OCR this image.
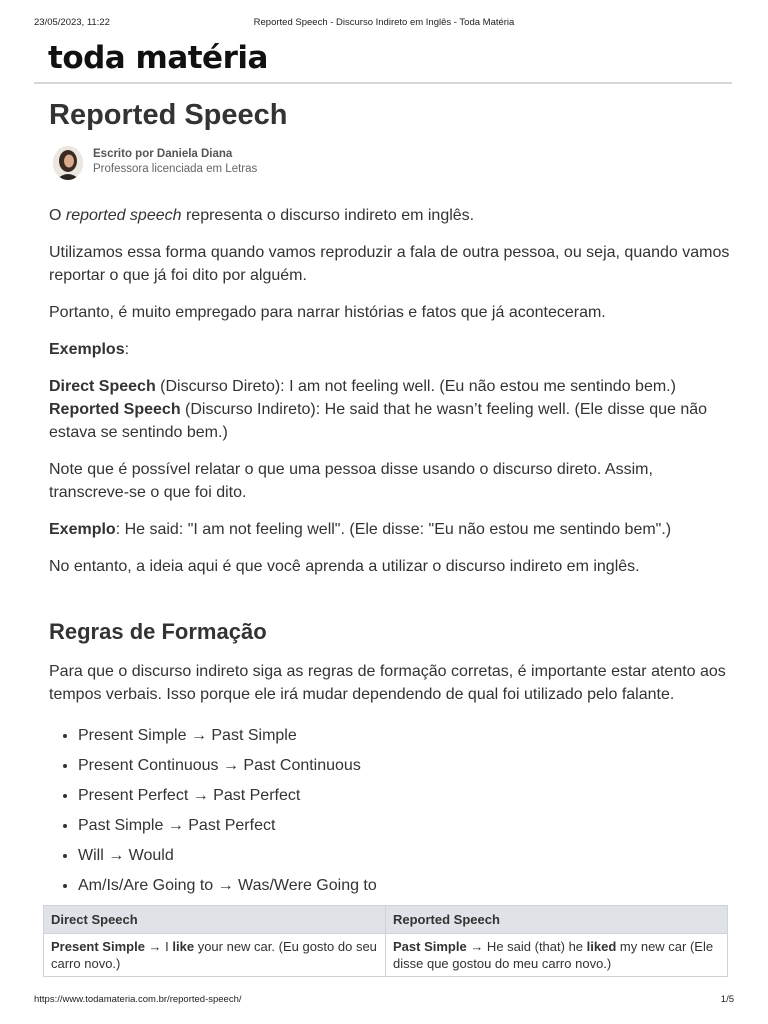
23/05/2023, 11:22	Reported Speech - Discurso Indireto em Inglês - Toda Matéria
toda matéria
Reported Speech
Escrito por Daniela Diana
Professora licenciada em Letras

O reported speech representa o discurso indireto em inglês.

Utilizamos essa forma quando vamos reproduzir a fala de outra pessoa, ou seja, quando vamos reportar o que já foi dito por alguém.

Portanto, é muito empregado para narrar histórias e fatos que já aconteceram.

Exemplos:

Direct Speech (Discurso Direto): I am not feeling well. (Eu não estou me sentindo bem.)
Reported Speech (Discurso Indireto): He said that he wasn’t feeling well. (Ele disse que não estava se sentindo bem.)

Note que é possível relatar o que uma pessoa disse usando o discurso direto. Assim, transcreve-se o que foi dito.

Exemplo: He said: "I am not feeling well". (Ele disse: "Eu não estou me sentindo bem".)

No entanto, a ideia aqui é que você aprenda a utilizar o discurso indireto em inglês.

Regras de Formação

Para que o discurso indireto siga as regras de formação corretas, é importante estar atento aos tempos verbais. Isso porque ele irá mudar dependendo de qual foi utilizado pelo falante.

• Present Simple → Past Simple
• Present Continuous → Past Continuous
• Present Perfect → Past Perfect
• Past Simple → Past Perfect
• Will → Would
• Am/Is/Are Going to → Was/Were Going to
Direct Speech	Reported Speech
Present Simple → I like your new car. (Eu gosto do seu carro novo.)	Past Simple → He said (that) he liked my new car (Ele disse que gostou do meu carro novo.)
https://www.todamateria.com.br/reported-speech/	1/5
